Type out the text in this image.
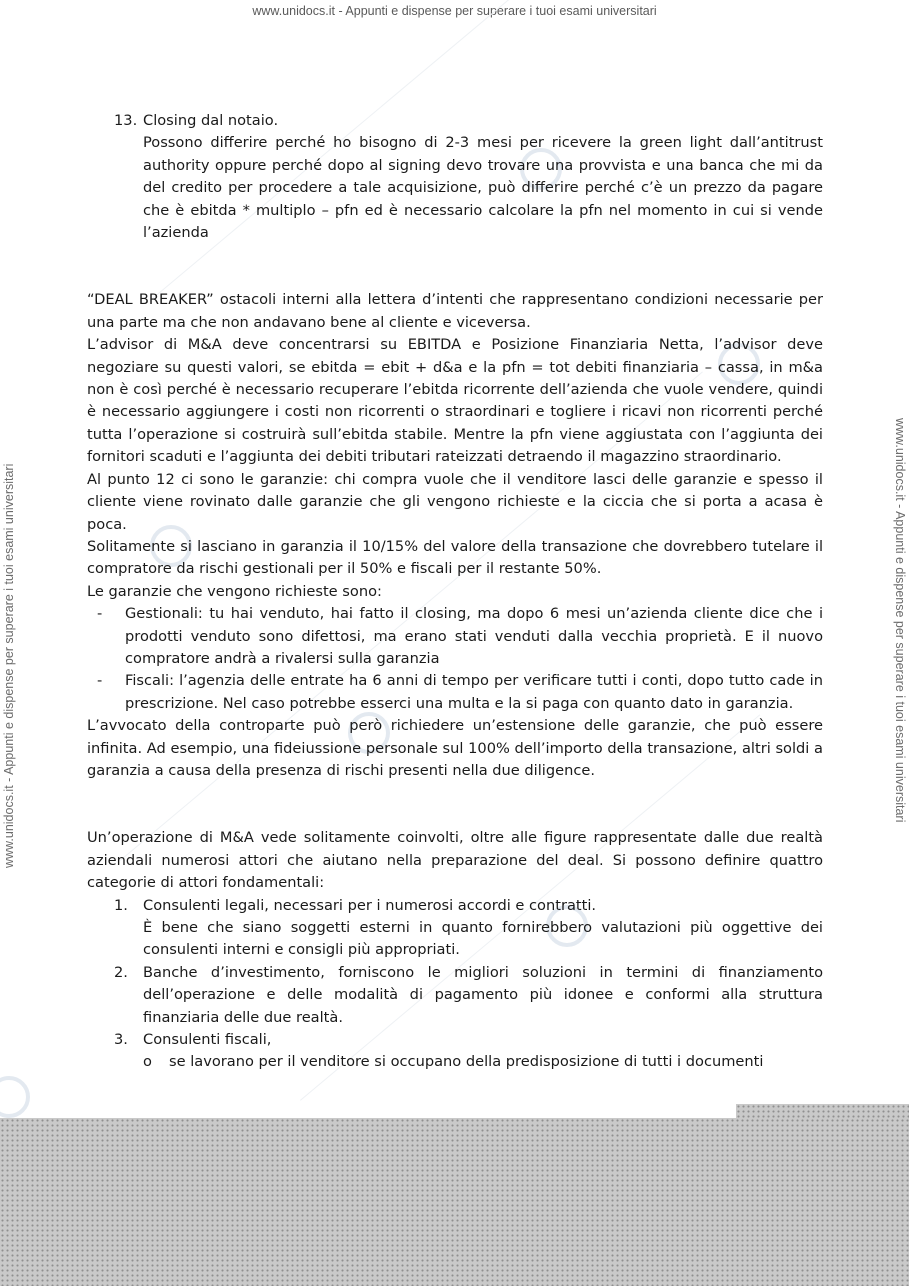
www.unidocs.it - Appunti e dispense per superare i tuoi esami universitari
www.unidocs.it - Appunti e dispense per superare i tuoi esami universitari	www.unidocs.it - Appunti e dispense per superare i tuoi esami universitari
13. Closing dal notaio.
Possono differire perché ho bisogno di 2-3 mesi per ricevere la green light dall’antitrust authority oppure perché dopo al signing devo trovare una provvista e una banca che mi da del credito per procedere a tale acquisizione, può differire perché c’è un prezzo da pagare che è ebitda * multiplo – pfn ed è necessario calcolare la pfn nel momento in cui si vende l’azienda

“DEAL BREAKER” ostacoli interni alla lettera d’intenti che rappresentano condizioni necessarie per una parte ma che non andavano bene al cliente e viceversa.

L’advisor di M&A deve concentrarsi su EBITDA e Posizione Finanziaria Netta, l’advisor deve negoziare su questi valori, se ebitda = ebit + d&a e la pfn = tot debiti finanziaria – cassa, in m&a non è così perché è necessario recuperare l’ebitda ricorrente dell’azienda che vuole vendere, quindi è necessario aggiungere i costi non ricorrenti o straordinari e togliere i ricavi non ricorrenti perché tutta l’operazione si costruirà sull’ebitda stabile. Mentre la pfn viene aggiustata con l’aggiunta dei fornitori scaduti e l’aggiunta dei debiti tributari rateizzati detraendo il magazzino straordinario.

Al punto 12 ci sono le garanzie: chi compra vuole che il venditore lasci delle garanzie e spesso il cliente viene rovinato dalle garanzie che gli vengono richieste e la ciccia che si porta a acasa è poca.

Solitamente si lasciano in garanzia il 10/15% del valore della transazione che dovrebbero tutelare il compratore da rischi gestionali per il 50% e fiscali per il restante 50%.

Le garanzie che vengono richieste sono:

- Gestionali: tu hai venduto, hai fatto il closing, ma dopo 6 mesi un’azienda cliente dice che i prodotti venduto sono difettosi, ma erano stati venduti dalla vecchia proprietà. E il nuovo compratore andrà a rivalersi sulla garanzia
- Fiscali: l’agenzia delle entrate ha 6 anni di tempo per verificare tutti i conti, dopo tutto cade in prescrizione. Nel caso potrebbe esserci una multa e la si paga con quanto dato in garanzia.

L’avvocato della controparte può però richiedere un’estensione delle garanzie, che può essere infinita. Ad esempio, una fideiussione personale sul 100% dell’importo della transazione, altri soldi a garanzia a causa della presenza di rischi presenti nella due diligence.

Un’operazione di M&A vede solitamente coinvolti, oltre alle figure rappresentate dalle due realtà aziendali numerosi attori che aiutano nella preparazione del deal. Si possono definire quattro categorie di attori fondamentali:

1. Consulenti legali, necessari per i numerosi accordi e contratti.
È bene che siano soggetti esterni in quanto fornirebbero valutazioni più oggettive dei consulenti interni e consigli più appropriati.
2. Banche d’investimento, forniscono le migliori soluzioni in termini di finanziamento dell’operazione e delle modalità di pagamento più idonee e conformi alla struttura finanziaria delle due realtà.
3. Consulenti fiscali,
o se lavorano per il venditore si occupano della predisposizione di tutti i documenti
